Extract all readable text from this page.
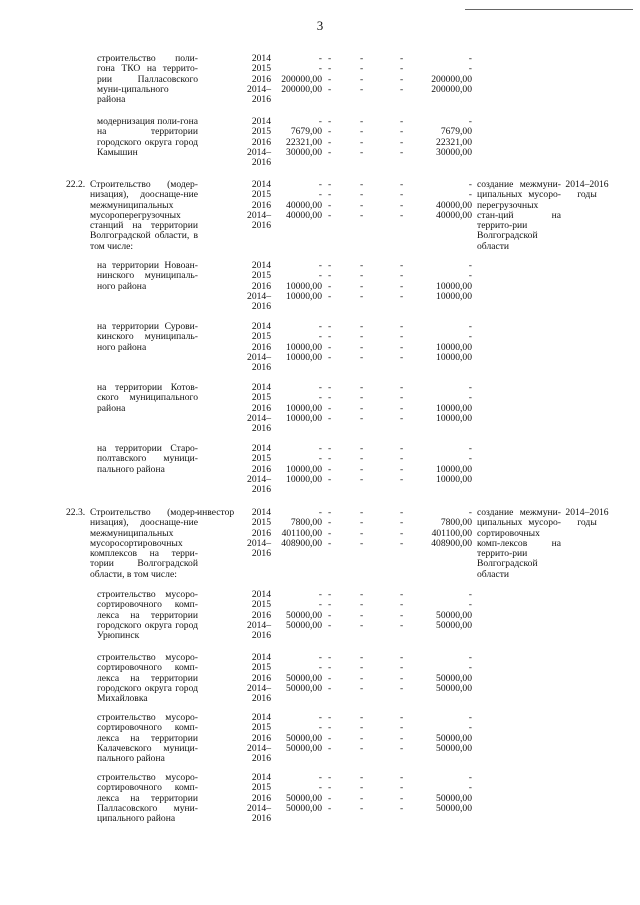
3
строительство поли-гона ТКО на террито-рии Палласовского муни-ципального района
2014
2015
2016
2014–
2016
-
-
200000,00
200000,00
-
-
-
-
-
-
-
-
-
-
-
-
-
-
200000,00
200000,00
модернизация поли-гона на территории городского округа город Камышин
2014
2015
2016
2014–
2016
-
7679,00
22321,00
30000,00
-
-
-
-
-
-
-
-
-
-
-
-
-
7679,00
22321,00
30000,00
22.2. Строительство (модер-низация), дооснаще-ние межмуниципальных мусороперегрузочных станций на территории Волгоградской области, в том числе:
2014
2015
2016
2014–
2016
-
-
40000,00
40000,00
-
-
-
-
-
-
-
-
-
-
-
-
-
-
40000,00
40000,00
создание межмуни-ципальных мусоро-перегрузочных стан-ций на террито-рии Волгоградской области
2014–2016 годы
на территории Новоан-нинского муниципаль-ного района
2014
2015
2016
2014–
2016
-
-
10000,00
10000,00
-
-
-
-
-
-
-
-
-
-
-
-
-
-
10000,00
10000,00
на территории Сурови-кинского муниципаль-ного района
2014
2015
2016
2014–
2016
-
-
10000,00
10000,00
-
-
-
-
-
-
-
-
-
-
-
-
-
-
10000,00
10000,00
на территории Котов-ского муниципального района
2014
2015
2016
2014–
2016
-
-
10000,00
10000,00
-
-
-
-
-
-
-
-
-
-
-
-
-
-
10000,00
10000,00
на территории Старо-полтавского муници-пального района
2014
2015
2016
2014–
2016
-
-
10000,00
10000,00
-
-
-
-
-
-
-
-
-
-
-
-
-
-
10000,00
10000,00
22.3. Строительство (модер-низация), дооснаще-ние межмуниципальных мусоросортировочных комплексов на терри-тории Волгоградской области, в том числе:
инвестор	2014
2015
2016
2014–
2016
-
7800,00
401100,00
408900,00
-
-
-
-
-
-
-
-
-
-
-
-
-
7800,00
401100,00
408900,00
создание межмуни-ципальных мусоро-сортировочных комп-лексов на террито-рии Волгоградской области
2014–2016 годы
строительство мусоро-сортировочного комп-лекса на территории городского округа город Урюпинск
2014
2015
2016
2014–
2016
-
-
50000,00
50000,00
-
-
-
-
-
-
-
-
-
-
-
-
-
-
50000,00
50000,00
строительство мусоро-сортировочного комп-лекса на территории городского округа город Михайловка
2014
2015
2016
2014–
2016
-
-
50000,00
50000,00
-
-
-
-
-
-
-
-
-
-
-
-
-
-
50000,00
50000,00
строительство мусоро-сортировочного комп-лекса на территории Калачевского муници-пального района
2014
2015
2016
2014–
2016
-
-
50000,00
50000,00
-
-
-
-
-
-
-
-
-
-
-
-
-
-
50000,00
50000,00
строительство мусоро-сортировочного комп-лекса на территории Палласовского муни-ципального района
2014
2015
2016
2014–
2016
-
-
50000,00
50000,00
-
-
-
-
-
-
-
-
-
-
-
-
-
-
50000,00
50000,00
